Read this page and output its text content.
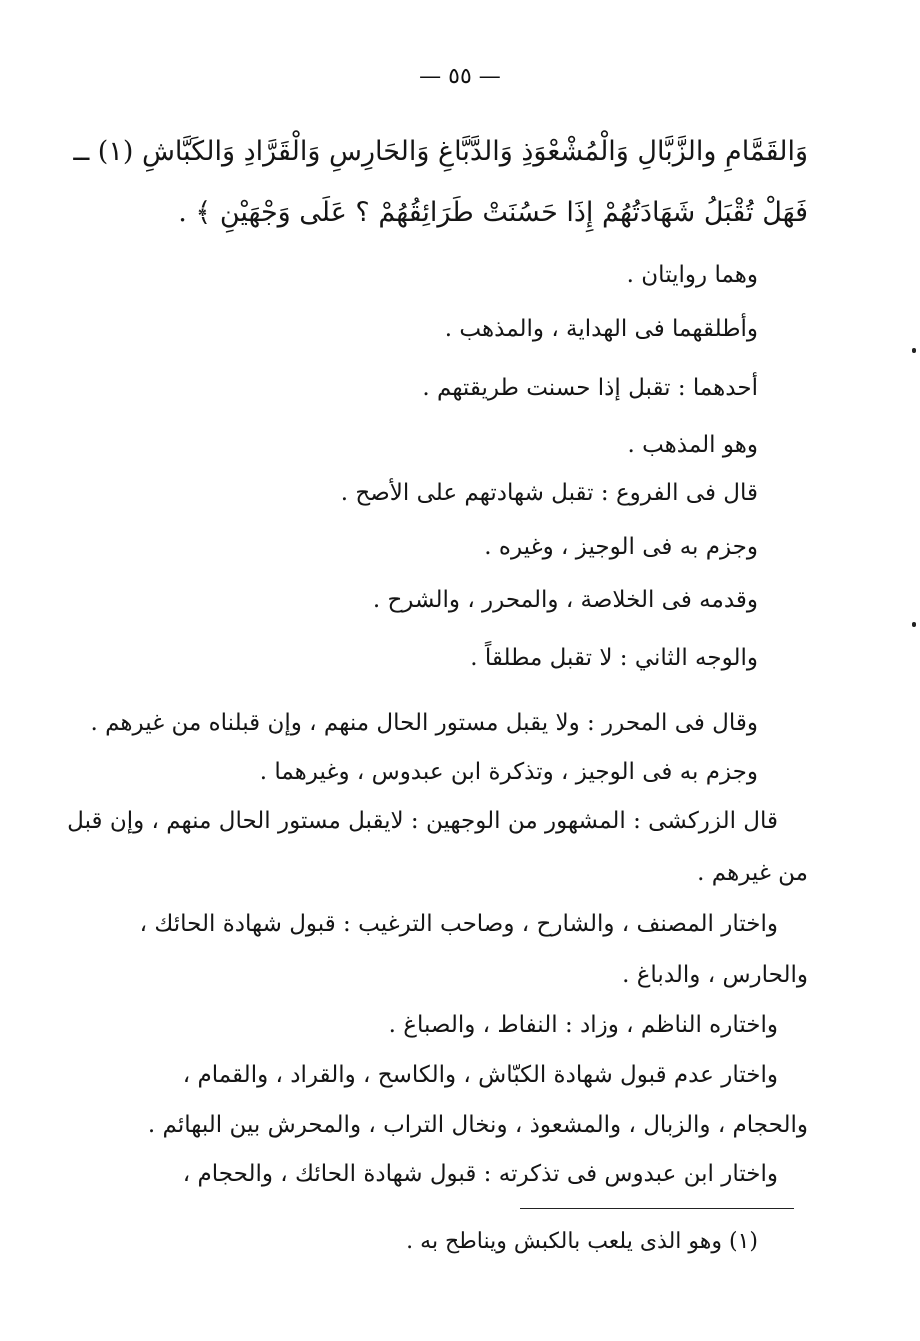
— ٥٥ —
وَالقَمَّامِ والزَّبَّالِ وَالْمُشْعْوَذِ وَالدَّبَّاغِ وَالحَارِسِ وَالْقَرَّادِ وَالكَبَّاشِ (١) ــ
فَهَلْ تُقْبَلُ شَهَادَتُهُمْ إِذَا حَسُنَتْ طَرَائِقُهُمْ ؟ عَلَى وَجْهَيْنِ ﴾ .
وهما روايتان .
وأطلقهما فى الهداية ، والمذهب .
أحدهما : تقبل إذا حسنت طريقتهم .
وهو المذهب .
قال فى الفروع : تقبل شهادتهم على الأصح .
وجزم به فى الوجيز ، وغيره .
وقدمه فى الخلاصة ، والمحرر ، والشرح .
والوجه الثاني : لا تقبل مطلقاً .
وقال فى المحرر : ولا يقبل مستور الحال منهم ، وإن قبلناه من غيرهم .
وجزم به فى الوجيز ، وتذكرة ابن عبدوس ، وغيرهما .
قال الزركشى : المشهور من الوجهين : لايقبل مستور الحال منهم ، وإن قبل
من غيرهم .
واختار المصنف ، والشارح ، وصاحب الترغيب : قبول شهادة الحائك ،
والحارس ، والدباغ .
واختاره الناظم ، وزاد : النفاط ، والصباغ .
واختار عدم قبول شهادة الكبّاش ، والكاسح ، والقراد ، والقمام ،
والحجام ، والزبال ، والمشعوذ ، ونخال التراب ، والمحرش بين البهائم .
واختار ابن عبدوس فى تذكرته : قبول شهادة الحائك ، والحجام ،
(١) وهو الذى يلعب بالكبش ويناطح به .
